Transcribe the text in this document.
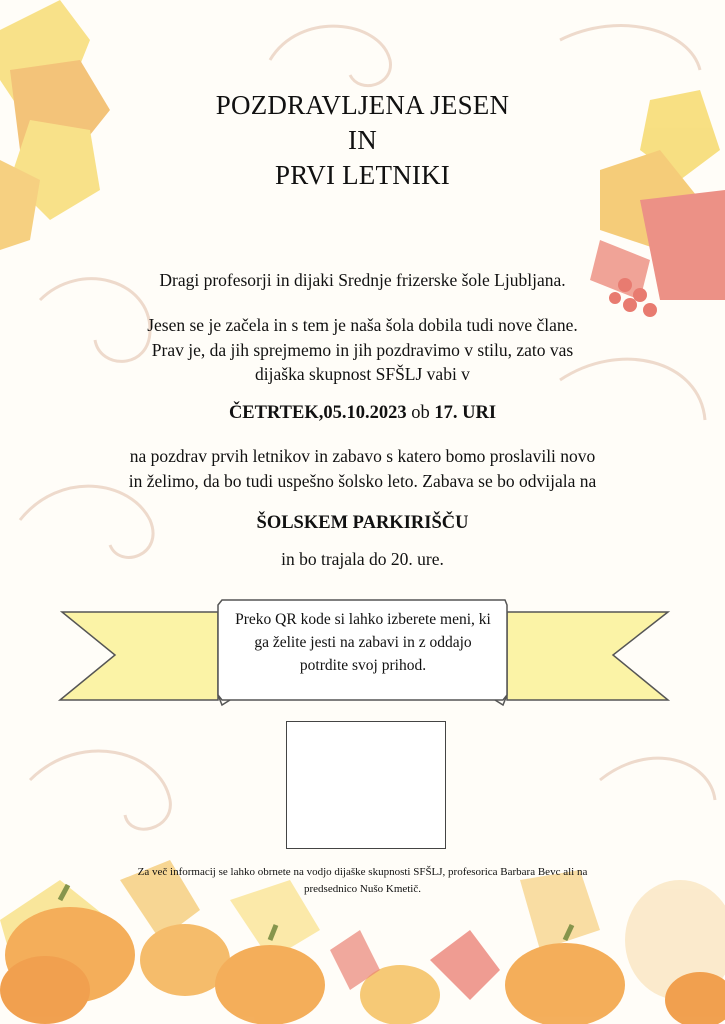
POZDRAVLJENA JESEN
IN
PRVI LETNIKI
Dragi profesorji in dijaki Srednje frizerske šole Ljubljana.
Jesen se je začela in s tem je naša šola dobila tudi nove člane.
Prav je, da jih sprejmemo in jih pozdravimo v stilu, zato vas
dijaška skupnost SFŠLJ vabi v
ČETRTEK,05.10.2023 ob 17. URI
na pozdrav prvih letnikov in zabavo s katero bomo proslavili novo
in želimo, da bo tudi uspešno šolsko leto. Zabava se bo odvijala na
ŠOLSKEM PARKIRIŠČU
in bo trajala do 20. ure.
Preko QR kode si lahko izberete meni, ki
ga želite jesti na zabavi in z oddajo
potrdite svoj prihod.
Za več informacij se lahko obrnete na vodjo dijaške skupnosti SFŠLJ, profesorica Barbara Bevc ali na
predsednico Nušo Kmetič.
